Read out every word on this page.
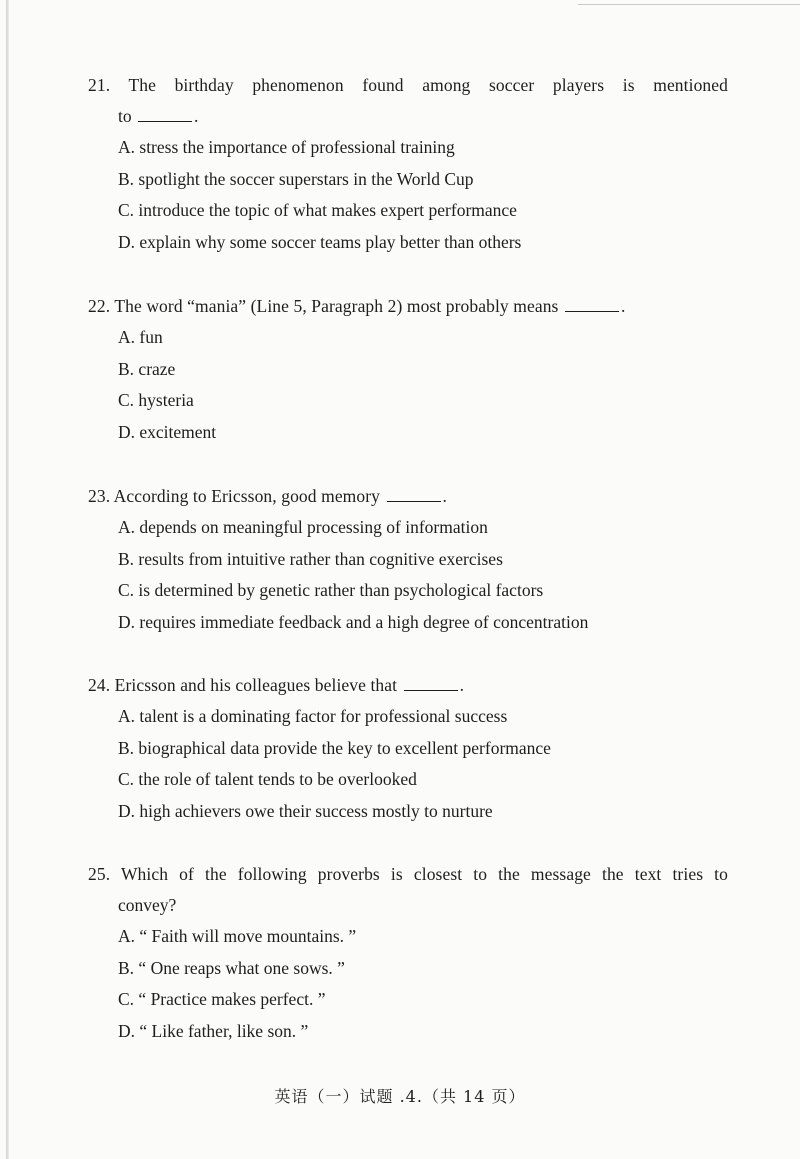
21. The birthday phenomenon found among soccer players is mentioned
to	.
A. stress the importance of professional training
B. spotlight the soccer superstars in the World Cup
C. introduce the topic of what makes expert performance
D. explain why some soccer teams play better than others
22. The word “mania” (Line 5, Paragraph 2) most probably means	.
A. fun
B. craze
C. hysteria
D. excitement
23. According to Ericsson, good memory	.
A. depends on meaningful processing of information
B. results from intuitive rather than cognitive exercises
C. is determined by genetic rather than psychological factors
D. requires immediate feedback and a high degree of concentration
24. Ericsson and his colleagues believe that	.
A. talent is a dominating factor for professional success
B. biographical data provide the key to excellent performance
C. the role of talent tends to be overlooked
D. high achievers owe their success mostly to nurture
25. Which of the following proverbs is closest to the message the text tries to
convey?
A. “ Faith will move mountains. ”
B. “ One reaps what one sows. ”
C. “ Practice makes perfect. ”
D. “ Like father, like son. ”
英语（一）试题 .4.（共 14 页）
